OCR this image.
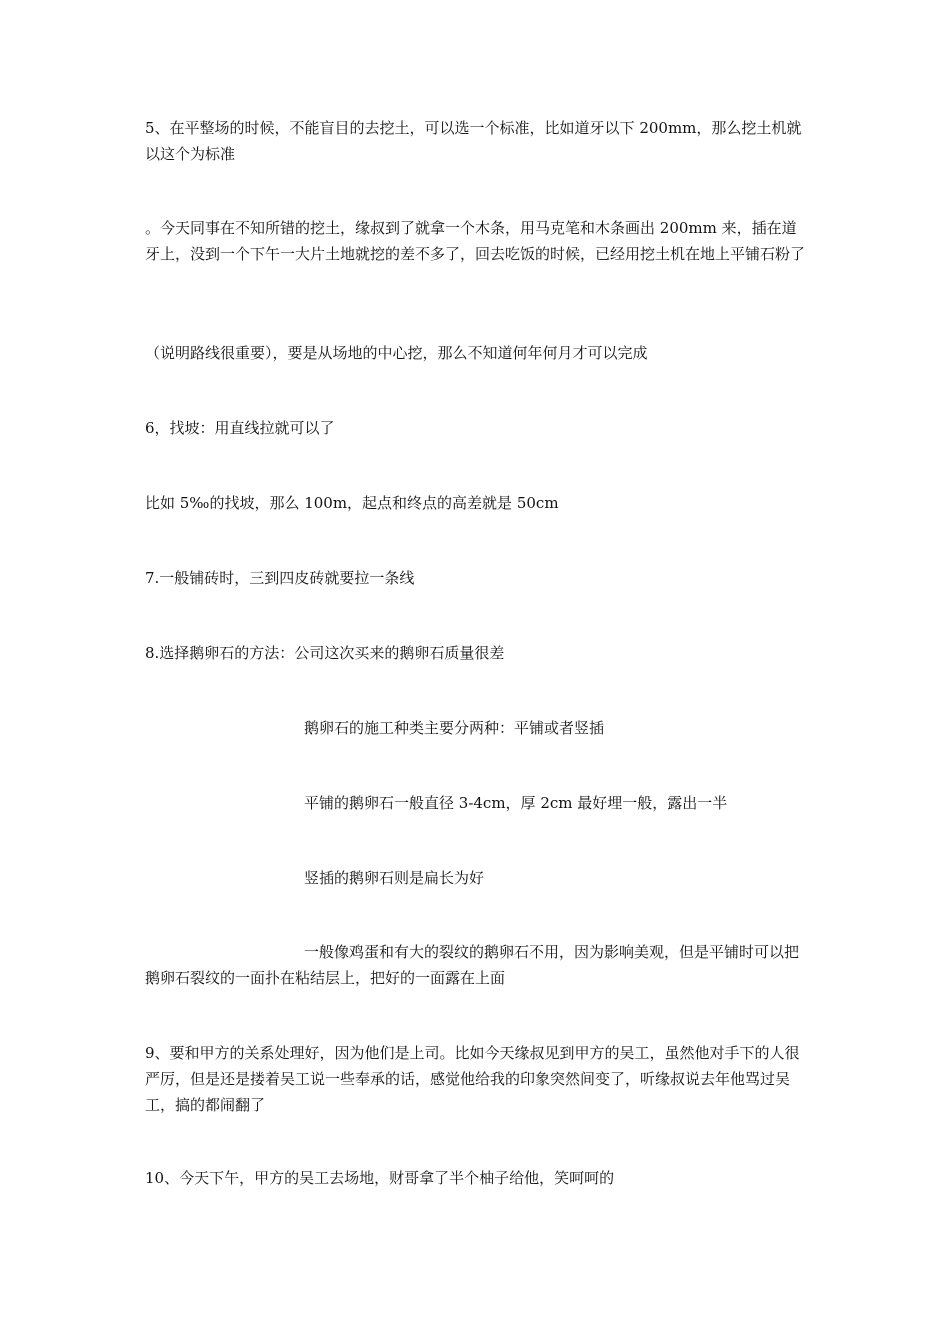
5、在平整场的时候，不能盲目的去挖土，可以选一个标准，比如道牙以下 200mm，那么挖土机就以这个为标准

。今天同事在不知所错的挖土，缘叔到了就拿一个木条，用马克笔和木条画出 200mm 来，插在道牙上，没到一个下午一大片土地就挖的差不多了，回去吃饭的时候，已经用挖土机在地上平铺石粉了

（说明路线很重要），要是从场地的中心挖，那么不知道何年何月才可以完成

6，找坡：用直线拉就可以了

比如 5‰的找坡，那么 100m，起点和终点的高差就是 50cm

7.一般铺砖时，三到四皮砖就要拉一条线

8.选择鹅卵石的方法：公司这次买来的鹅卵石质量很差

鹅卵石的施工种类主要分两种：平铺或者竖插

平铺的鹅卵石一般直径 3-4cm，厚 2cm 最好埋一般，露出一半

竖插的鹅卵石则是扁长为好

一般像鸡蛋和有大的裂纹的鹅卵石不用，因为影响美观，但是平铺时可以把鹅卵石裂纹的一面扑在粘结层上，把好的一面露在上面

9、要和甲方的关系处理好，因为他们是上司。比如今天缘叔见到甲方的吴工，虽然他对手下的人很严厉，但是还是搂着吴工说一些奉承的话，感觉他给我的印象突然间变了，听缘叔说去年他骂过吴工，搞的都闹翻了

10、今天下午，甲方的吴工去场地，财哥拿了半个柚子给他，笑呵呵的
